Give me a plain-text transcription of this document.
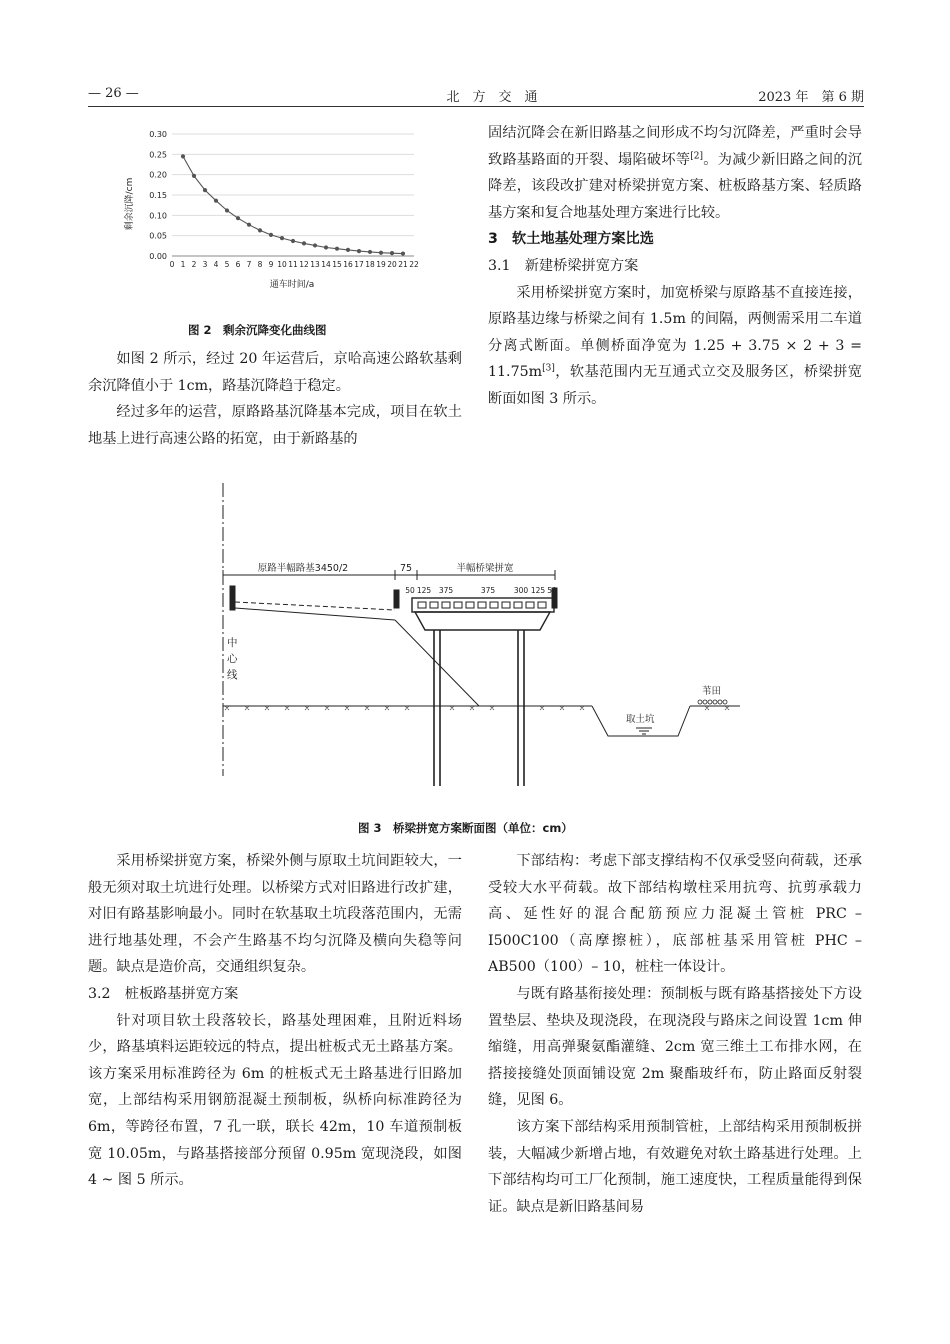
— 26 —	北　方　交　通	2023 年　第 6 期
0.00
0.05
0.10
0.15
0.20
0.25
0.30
0 1 2 3 4 5 6 7 8 9 10 11 12 13 14 15 16 17 18 19 20 21 22
剩余沉降/cm
通车时间/a
图 2　剩余沉降变化曲线图

如图 2 所示，经过 20 年运营后，京哈高速公路软基剩余沉降值小于 1cm，路基沉降趋于稳定。

经过多年的运营，原路路基沉降基本完成，项目在软土地基上进行高速公路的拓宽，由于新路基的

固结沉降会在新旧路基之间形成不均匀沉降差，严重时会导致路基路面的开裂、塌陷破坏等[2]。为减少新旧路之间的沉降差，该段改扩建对桥梁拼宽方案、桩板路基方案、轻质路基方案和复合地基处理方案进行比较。

3　软土地基处理方案比选

3.1　新建桥梁拼宽方案

采用桥梁拼宽方案时，加宽桥梁与原路基不直接连接，原路基边缘与桥梁之间有 1.5m 的间隔，两侧需采用二车道分离式断面。单侧桥面净宽为 1.25 + 3.75 × 2 + 3 = 11.75m[3]，软基范围内无互通式立交及服务区，桥梁拼宽断面如图 3 所示。

原路半幅路基3450/2	75	半幅桥梁拼宽
50 125 375	375 300 125 50
中
心
线
取土坑
苇田
图 3　桥梁拼宽方案断面图（单位：cm）

采用桥梁拼宽方案，桥梁外侧与原取土坑间距较大，一般无须对取土坑进行处理。以桥梁方式对旧路进行改扩建，对旧有路基影响最小。同时在软基取土坑段落范围内，无需进行地基处理，不会产生路基不均匀沉降及横向失稳等问题。缺点是造价高，交通组织复杂。

3.2　桩板路基拼宽方案

针对项目软土段落较长，路基处理困难，且附近料场少，路基填料运距较远的特点，提出桩板式无土路基方案。该方案采用标准跨径为 6m 的桩板式无土路基进行旧路加宽，上部结构采用钢筋混凝土预制板，纵桥向标准跨径为 6m，等跨径布置，7 孔一联，联长 42m，10 车道预制板宽 10.05m，与路基搭接部分预留 0.95m 宽现浇段，如图 4 ~ 图 5 所示。

下部结构：考虑下部支撑结构不仅承受竖向荷载，还承受较大水平荷载。故下部结构墩柱采用抗弯、抗剪承载力高、延性好的混合配筋预应力混凝土管桩 PRC – I500C100（高摩擦桩），底部桩基采用管桩 PHC – AB500（100）– 10，桩柱一体设计。

与既有路基衔接处理：预制板与既有路基搭接处下方设置垫层、垫块及现浇段，在现浇段与路床之间设置 1cm 伸缩缝，用高弹聚氨酯灌缝、2cm 宽三维土工布排水网，在搭接接缝处顶面铺设宽 2m 聚酯玻纤布，防止路面反射裂缝，见图 6。

该方案下部结构采用预制管桩，上部结构采用预制板拼装，大幅减少新增占地，有效避免对软土路基进行处理。上下部结构均可工厂化预制，施工速度快，工程质量能得到保证。缺点是新旧路基间易
